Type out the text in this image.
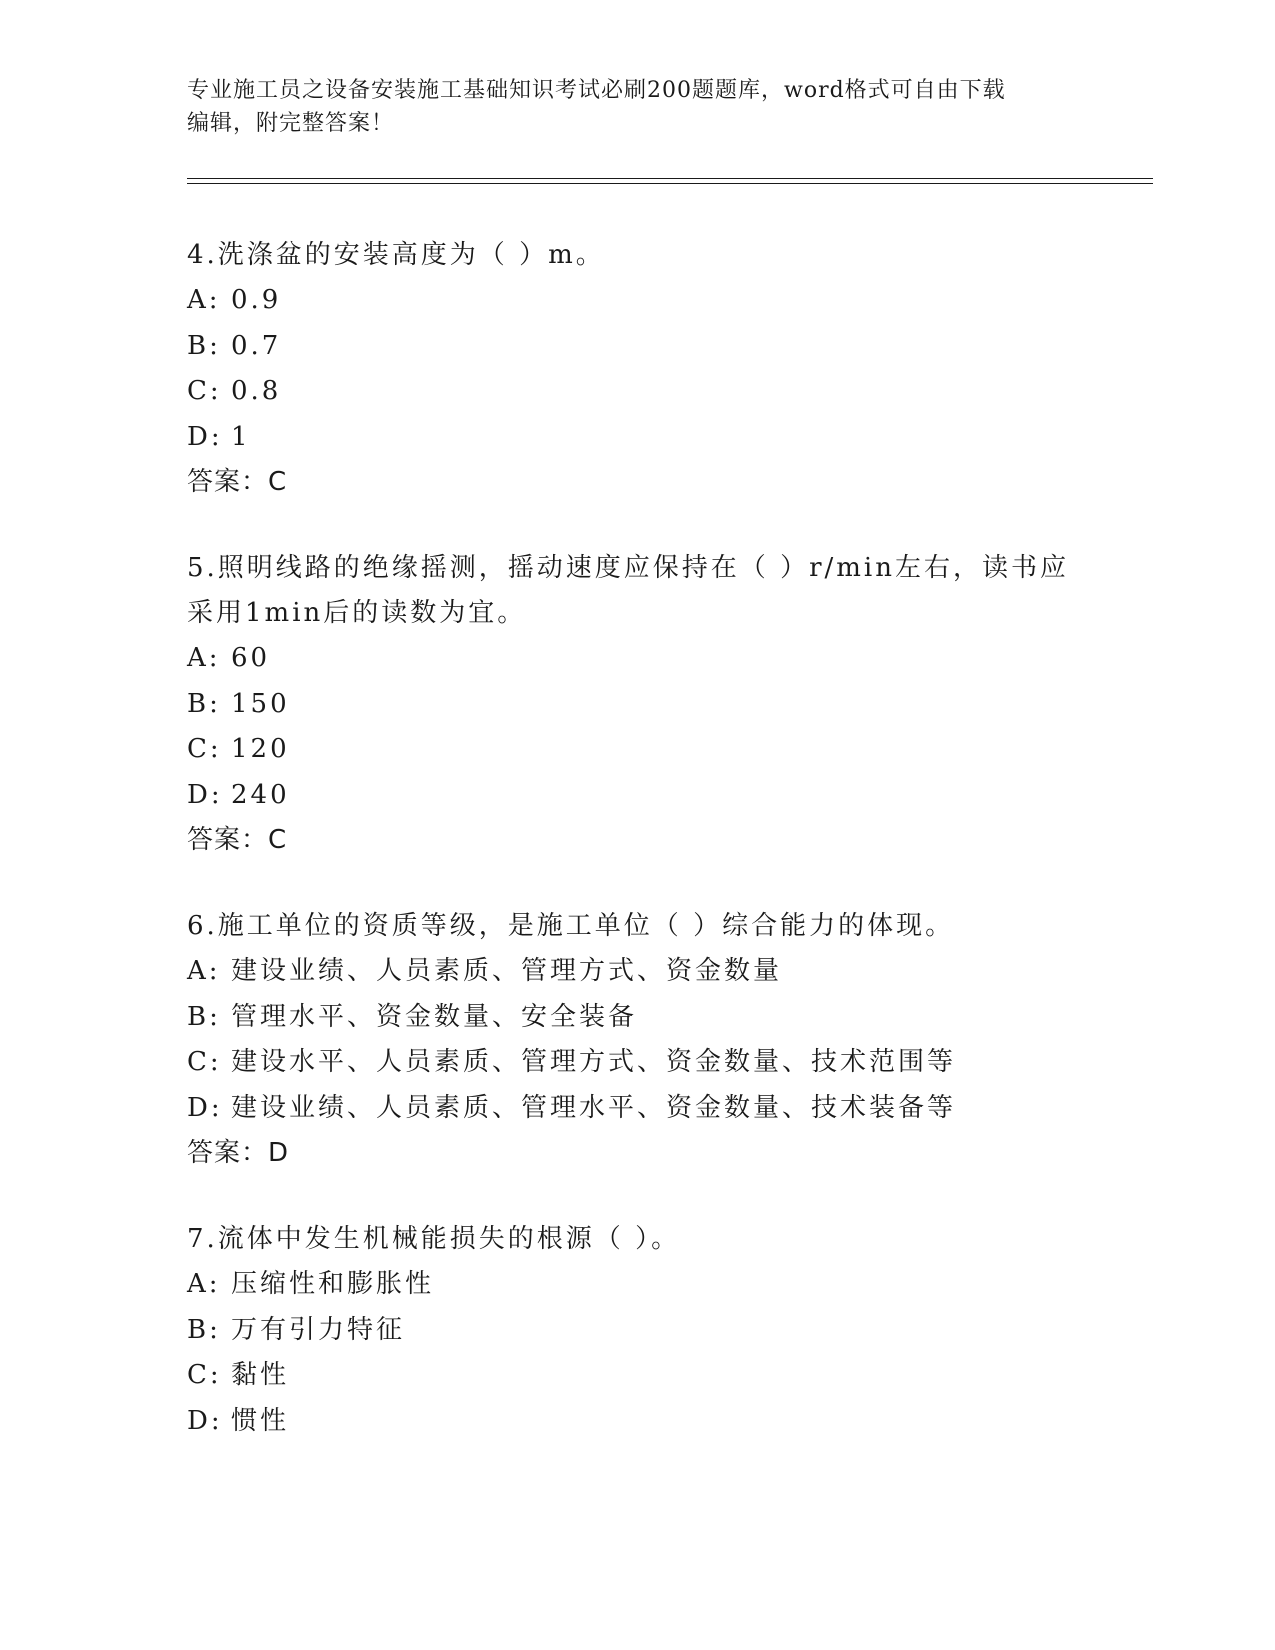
专业施工员之设备安装施工基础知识考试必刷200题题库，word格式可自由下载
编辑，附完整答案！

4.洗涤盆的安装高度为（ ）m。

A: 0.9

B: 0.7

C: 0.8

D: 1

答案：C

5.照明线路的绝缘摇测，摇动速度应保持在（ ）r/min左右，读书应

采用1min后的读数为宜。

A: 60

B: 150

C: 120

D: 240

答案：C

6.施工单位的资质等级，是施工单位（ ）综合能力的体现。

A: 建设业绩、人员素质、管理方式、资金数量

B: 管理水平、资金数量、安全装备

C: 建设水平、人员素质、管理方式、资金数量、技术范围等

D: 建设业绩、人员素质、管理水平、资金数量、技术装备等

答案：D

7.流体中发生机械能损失的根源（ ）。

A: 压缩性和膨胀性

B: 万有引力特征

C: 黏性

D: 惯性
